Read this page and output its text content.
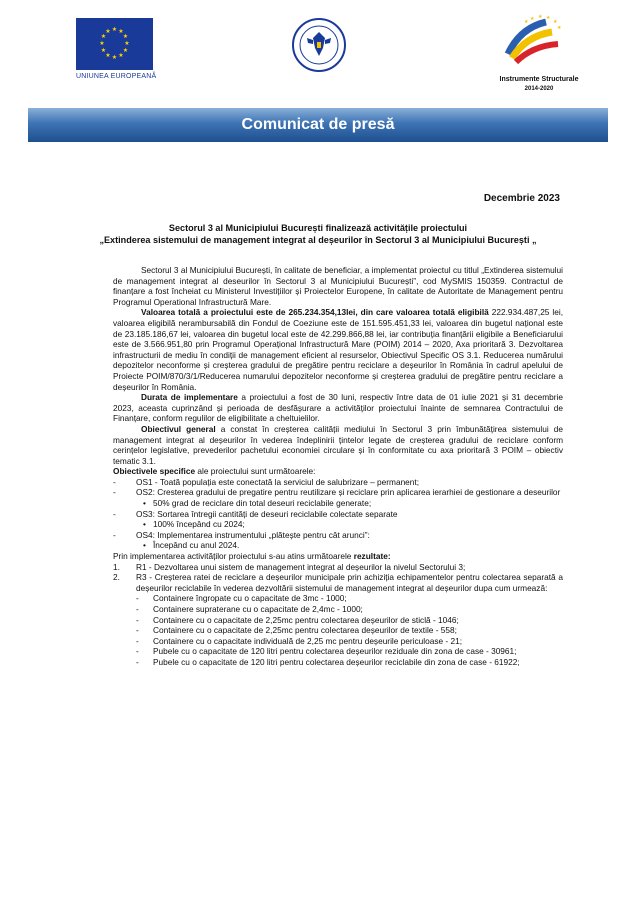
★ ★
★
★
★
★
★
★
★
★
★
★
UNIUNEA EUROPEANĂ
★ ★ ★
★
★
★
Instrumente Structurale
2014-2020
Comunicat de presă
Decembrie 2023
Sectorul 3 al Municipiului București finalizează activitățile proiectului
„Extinderea sistemului de management integrat al deșeurilor în Sectorul 3 al Municipiului București „

Sectorul 3 al Municipiului București, în calitate de beneficiar, a implementat proiectul cu titlul „Extinderea sistemului de management integrat al deseurilor în Sectorul 3 al Municipiului București”, cod MySMIS 150359. Contractul de finanțare a fost încheiat cu Ministerul Investițiilor și Proiectelor Europene, în calitate de Autoritate de Management pentru Programul Operational Infrastructură Mare.

Valoarea totală a proiectului este de 265.234.354,13lei, din care valoarea totală eligibilă 222.934.487,25 lei, valoarea eligibilă nerambursabilă din Fondul de Coeziune este de 151.595.451,33 lei, valoarea din bugetul național este de 23.185.186,67 lei, valoarea din bugetul local este de 42.299.866,88 lei, iar contribuția finanțării eligibile a Beneficiarului este de 3.566.951,80 prin Programul Operațional Infrastructură Mare (POIM) 2014 – 2020, Axa prioritară 3. Dezvoltarea infrastructurii de mediu în condiții de management eficient al resurselor, Obiectivul Specific OS 3.1. Reducerea numărului depozitelor neconforme și creșterea gradului de pregătire pentru reciclare a deșeurilor în România în cadrul apelului de Proiecte POIM/870/3/1/Reducerea numarului depozitelor neconforme și creșterea gradului de pregătire pentru reciclare a deșeurilor în România.

Durata de implementare a proiectului a fost de 30 luni, respectiv între data de 01 iulie 2021 și 31 decembrie 2023, aceasta cuprinzând și perioada de desfășurare a activităților proiectului înainte de semnarea Contractului de Finanțare, conform regulilor de eligibilitate a cheltuielilor.

Obiectivul general a constat în creșterea calității mediului în Sectorul 3 prin îmbunătățirea sistemului de management integrat al deșeurilor în vederea îndeplinirii țintelor legate de creșterea gradului de reciclare conform cerințelor legislative, prevederilor pachetului economiei circulare și în conformitate cu axa prioritară 3 POIM – obiectiv tematic 3.1.

Obiectivele specifice ale proiectului sunt următoarele:

- OS1 - Toată populația este conectată la serviciul de salubrizare – permanent;
- OS2: Cresterea gradului de pregatire pentru reutilizare și reciclare prin aplicarea ierarhiei de gestionare a deseurilor
• 50% grad de reciclare din total deseuri reciclabile generate;
- OS3: Sortarea întregii cantități de deseuri reciclabile colectate separate
• 100% începând cu 2024;
- OS4: Implementarea instrumentului „plătește pentru cât arunci”:
• Începând cu anul 2024.

Prin implementarea activităților proiectului s-au atins următoarele rezultate:

1. R1 - Dezvoltarea unui sistem de management integrat al deșeurilor la nivelul Sectorului 3;
2. R3 - Creșterea ratei de reciclare a deșeurilor municipale prin achiziția echipamentelor pentru colectarea separată a deșeurilor reciclabile în vederea dezvoltării sistemului de management integrat al deșeurilor dupa cum urmează:
- Containere îngropate cu o capacitate de 3mc - 1000;
- Containere supraterane cu o capacitate de 2,4mc - 1000;
- Containere cu o capacitate de 2,25mc pentru colectarea deșeurilor de sticlă - 1046;
- Containere cu o capacitate de 2,25mc pentru colectarea deșeurilor de textile - 558;
- Containere cu o capacitate individuală de 2,25 mc pentru deșeurile periculoase - 21;
- Pubele cu o capacitate de 120 litri pentru colectarea deșeurilor reziduale din zona de case - 30961;
- Pubele cu o capacitate de 120 litri pentru colectarea deșeurilor reciclabile din zona de case - 61922;
